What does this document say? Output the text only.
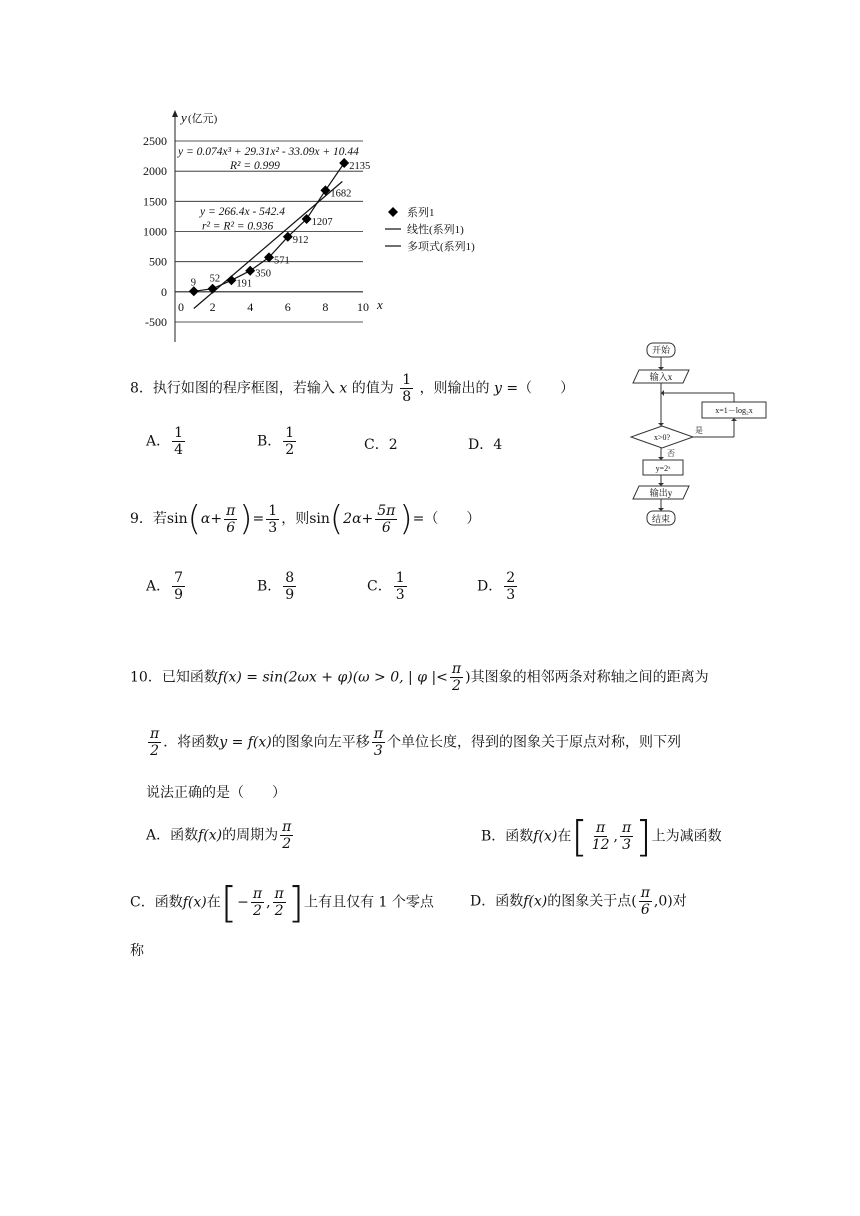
2500
2000
1500
1000
500
0
-500
y (亿元)
0 2	4	6	8 10 x
9 52 191
350
571
912
1207
1682
2135
y = 0.074x³ + 29.31x² - 33.09x + 10.44
R² = 0.999
y = 266.4x - 542.4
r² = R² = 0.936
系列1
线性(系列1)
多项式(系列1)
开始
输入x
x=1－log₂x
x>0?
是
否
y=2ˣ
输出y
结束
8．执行如图的程序框图，若输入 x 的值为 $\frac{1}{8}$ ，则输出的 y =（　　）
A． $\frac{1}{4}$	B． $\frac{1}{2}$	C．2	D．4
9．若$\sin(\alpha+ \frac{\pi}{6}$ )= $\frac{1}{3}$ ，则$\sin(2\alpha+ \frac{5\pi}{6}$ )=（　　）
A． $\frac{7}{9}$	B． $\frac{8}{9}$	C． $\frac{1}{3}$	D． $\frac{2}{3}$
10．已知函数f(x) = sin(2ωx + φ)(ω > 0, | φ |< $\frac{\pi}{2}$ )其图象的相邻两条对称轴之间的距离为
$\frac{\pi}{2}$ ．将函数y = f(x)的图象向左平移 $\frac{\pi}{3}$ 个单位长度，得到的图象关于原点对称，则下列
说法正确的是（　　）
A．函数f(x)的周期为 $\frac{\pi}{2}$	B．函数f(x)在[ $\frac{\pi}{12}$ , $\frac{\pi}{3}$ ]上为减函数
C．函数f(x)在[− $\frac{\pi}{2}$ , $\frac{\pi}{2}$ ]上有且仅有 1 个零点	D．函数f(x)的图象关于点( $\frac{\pi}{6} ,0$)对
称
